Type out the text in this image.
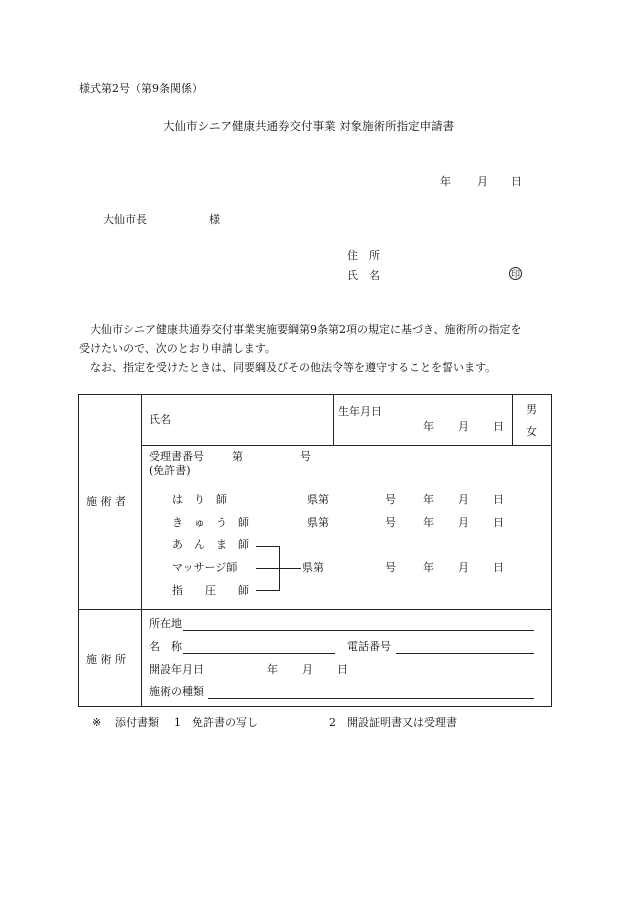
様式第2号（第9条関係）
大仙市シニア健康共通券交付事業 対象施術所指定申請書
年 月 日
大仙市長	様
住　所
氏　名	印
大仙市シニア健康共通券交付事業実施要綱第9条第2項の規定に基づき、施術所の指定を
受けたいので、次のとおり申請します。
なお、指定を受けたときは、同要綱及びその他法令等を遵守することを誓います。
施 術 者
氏名
生年月日
年 月 日
男
女
受理書番号	第	号
(免許書)
は　り　師	県第	号 年 月 日
き　ゅ　う　師	県第	号 年 月 日
あ　ん　ま　師
マッサージ師
指　　圧　　師
県第	号 年 月 日
施 術 所
所在地
名　称	電話番号
開設年月日	年 月 日
施術の種類
※ 添付書類 1　免許書の写し	2　開設証明書又は受理書
